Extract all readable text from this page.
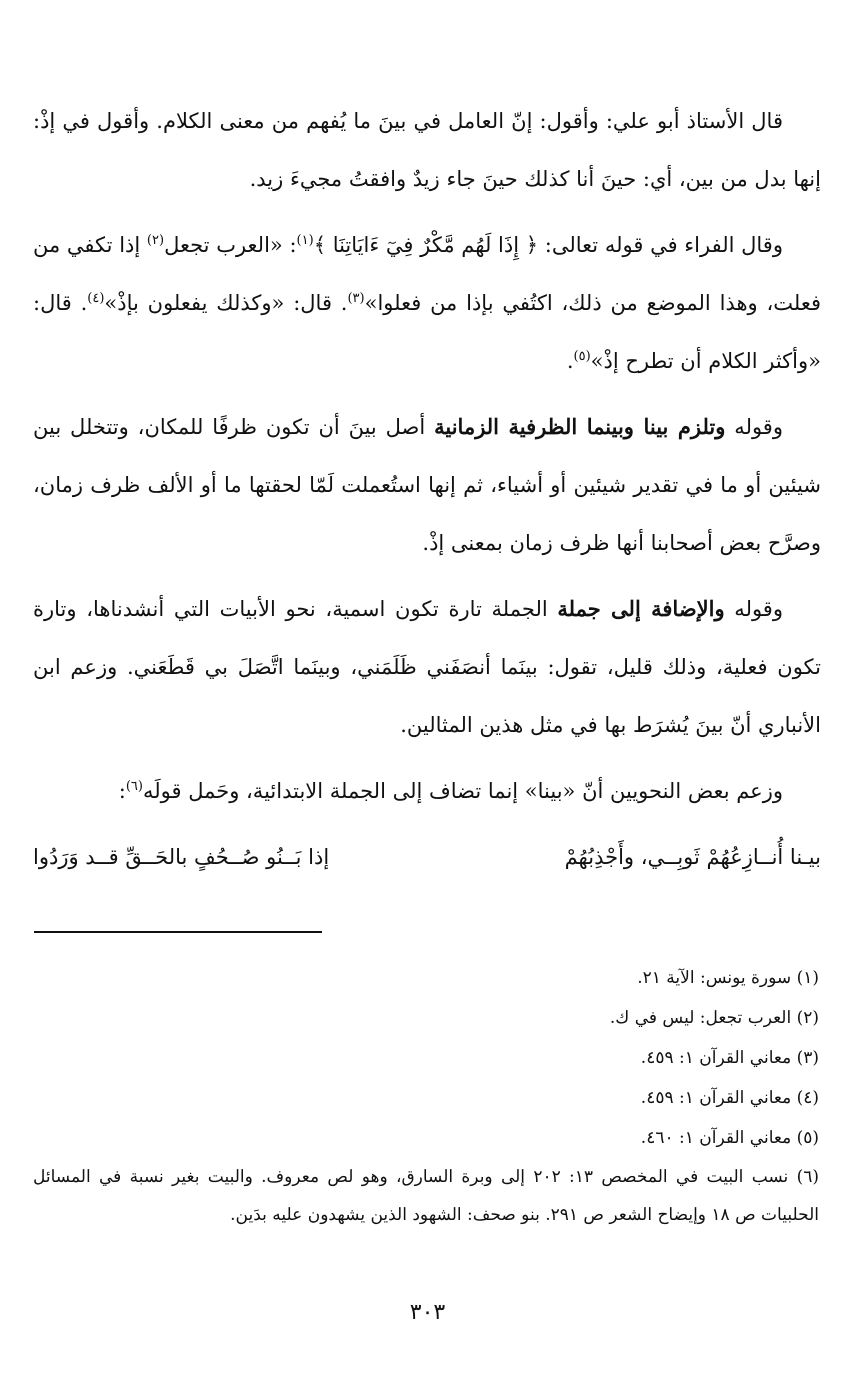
قال الأستاذ أبو علي: وأقول: إنّ العامل في بينَ ما يُفهم من معنى الكلام. وأقول في إذْ: إنها بدل من بين، أي: حينَ أنا كذلك حينَ جاء زيدٌ وافقتُ مجيءَ زيد.

وقال الفراء في قوله تعالى: ﴿ إِذَا لَهُم مَّكْرٌ فِيٓ ءَايَاتِنَا ﴾$^{(١)}$: «العرب تجعل$^{(٢)}$ إذا تكفي من فعلت، وهذا الموضع من ذلك، اكتُفي بإذا من فعلوا»$^{(٣)}$. قال: «وكذلك يفعلون بإذْ»$^{(٤)}$. قال: «وأكثر الكلام أن تطرح إذْ»$^{(٥)}$.

وقوله وتلزم بينا وبينما الظرفية الزمانية أصل بينَ أن تكون ظرفًا للمكان، وتتخلل بين شيئين أو ما في تقدير شيئين أو أشياء، ثم إنها استُعملت لَمّا لحقتها ما أو الألف ظرف زمان، وصرَّح بعض أصحابنا أنها ظرف زمان بمعنى إذْ.

وقوله والإضافة إلى جملة الجملة تارة تكون اسمية، نحو الأبيات التي أنشدناها، وتارة تكون فعلية، وذلك قليل، تقول: بينَما أنصَفَني ظَلَمَني، وبينَما اتَّصَلَ بي قَطَعَني. وزعم ابن الأنباري أنّ بينَ يُشرَط بها في مثل هذين المثالين.

وزعم بعض النحويين أنّ «بينا» إنما تضاف إلى الجملة الابتدائية، وحَمل قولَه$^{(٦)}$:

بيـنا أُنــازِعُهُمْ ثَوبِــي، وأَجْذِبُهُمْ
إذا بَــنُو صُــحُفٍ بالحَــقِّ قــد وَرَدُوا

(١) سورة يونس: الآية ٢١.

(٢) العرب تجعل: ليس في ك.

(٣) معاني القرآن ١: ٤٥٩.

(٤) معاني القرآن ١: ٤٥٩.

(٥) معاني القرآن ١: ٤٦٠.

(٦) نسب البيت في المخصص ١٣: ٢٠٢ إلى وبرة السارق، وهو لص معروف. والبيت بغير نسبة في المسائل الحلبيات ص ١٨ وإيضاح الشعر ص ٢٩١. بنو صحف: الشهود الذين يشهدون عليه بدَين.

٣٠٣
